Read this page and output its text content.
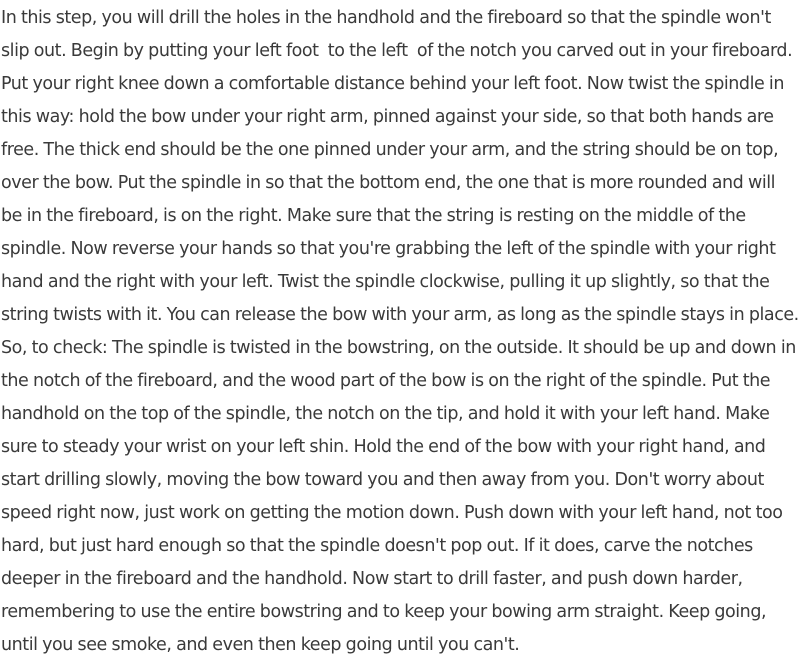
In this step, you will drill the holes in the handhold and the fireboard so that the spindle won't slip out. Begin by putting your left foot  to the left  of the notch you carved out in your fireboard. Put your right knee down a comfortable distance behind your left foot. Now twist the spindle in this way: hold the bow under your right arm, pinned against your side, so that both hands are free. The thick end should be the one pinned under your arm, and the string should be on top, over the bow. Put the spindle in so that the bottom end, the one that is more rounded and will be in the fireboard, is on the right. Make sure that the string is resting on the middle of the spindle. Now reverse your hands so that you're grabbing the left of the spindle with your right hand and the right with your left. Twist the spindle clockwise, pulling it up slightly, so that the string twists with it. You can release the bow with your arm, as long as the spindle stays in place. So, to check: The spindle is twisted in the bowstring, on the outside. It should be up and down in the notch of the fireboard, and the wood part of the bow is on the right of the spindle. Put the handhold on the top of the spindle, the notch on the tip, and hold it with your left hand. Make sure to steady your wrist on your left shin. Hold the end of the bow with your right hand, and start drilling slowly, moving the bow toward you and then away from you. Don't worry about speed right now, just work on getting the motion down. Push down with your left hand, not too hard, but just hard enough so that the spindle doesn't pop out. If it does, carve the notches deeper in the fireboard and the handhold. Now start to drill faster, and push down harder, remembering to use the entire bowstring and to keep your bowing arm straight. Keep going, until you see smoke, and even then keep going until you can't.
